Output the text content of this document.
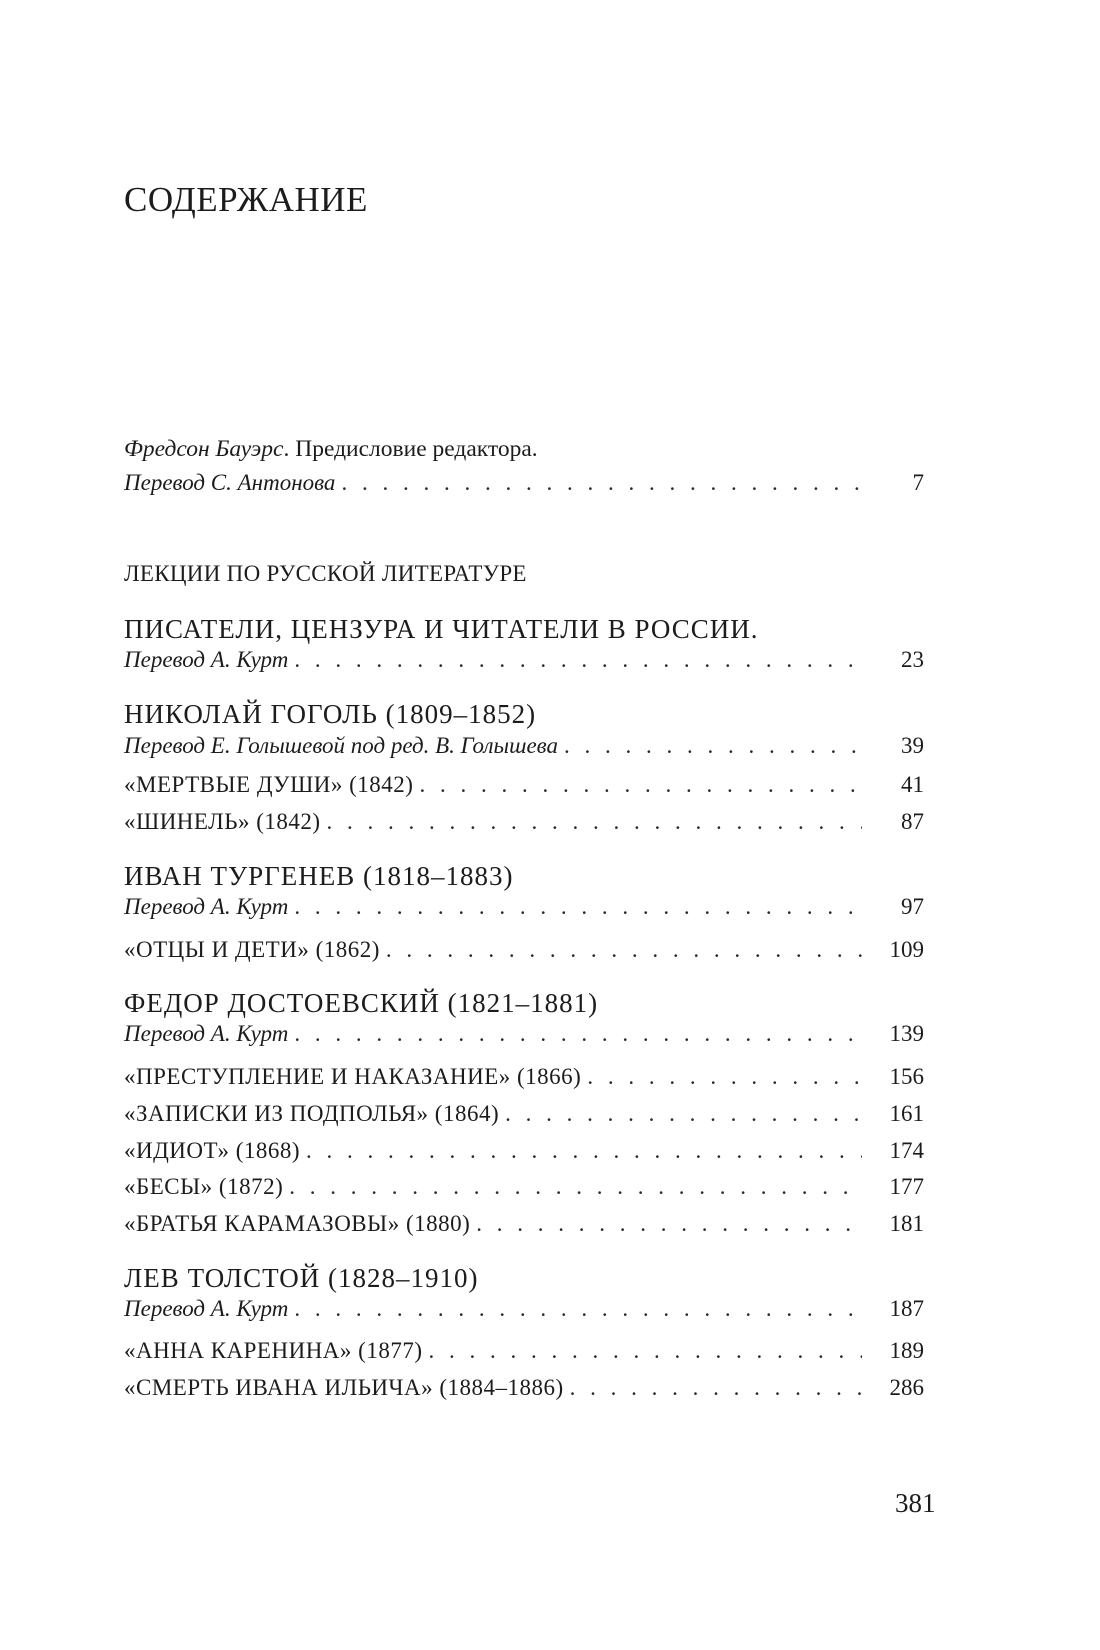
СОДЕРЖАНИЕ
Фредсон Бауэрс. Предисловие редактора.
Перевод С. Антонова . . .	7
ЛЕКЦИИ ПО РУССКОЙ ЛИТЕРАТУРЕ
ПИСАТЕЛИ, ЦЕНЗУРА И ЧИТАТЕЛИ В РОССИИ.
Перевод А. Курт . . .	23
НИКОЛАЙ ГОГОЛЬ (1809–1852)
Перевод Е. Голышевой под ред. В. Голышева . . .	39
«МЕРТВЫЕ ДУШИ» (1842) . . .	41
«ШИНЕЛЬ» (1842) . . .	87
ИВАН ТУРГЕНЕВ (1818–1883)
Перевод А. Курт . . .	97
«ОТЦЫ И ДЕТИ» (1862) . . .	109
ФЕДОР ДОСТОЕВСКИЙ (1821–1881)
Перевод А. Курт . . .	139
«ПРЕСТУПЛЕНИЕ И НАКАЗАНИЕ» (1866) . . .	156
«ЗАПИСКИ ИЗ ПОДПОЛЬЯ» (1864) . . .	161
«ИДИОТ» (1868) . . .	174
«БЕСЫ» (1872) . . .	177
«БРАТЬЯ КАРАМАЗОВЫ» (1880) . . .	181
ЛЕВ ТОЛСТОЙ (1828–1910)
Перевод А. Курт . . .	187
«АННА КАРЕНИНА» (1877) . . .	189
«СМЕРТЬ ИВАНА ИЛЬИЧА» (1884–1886) . . .	286
381
